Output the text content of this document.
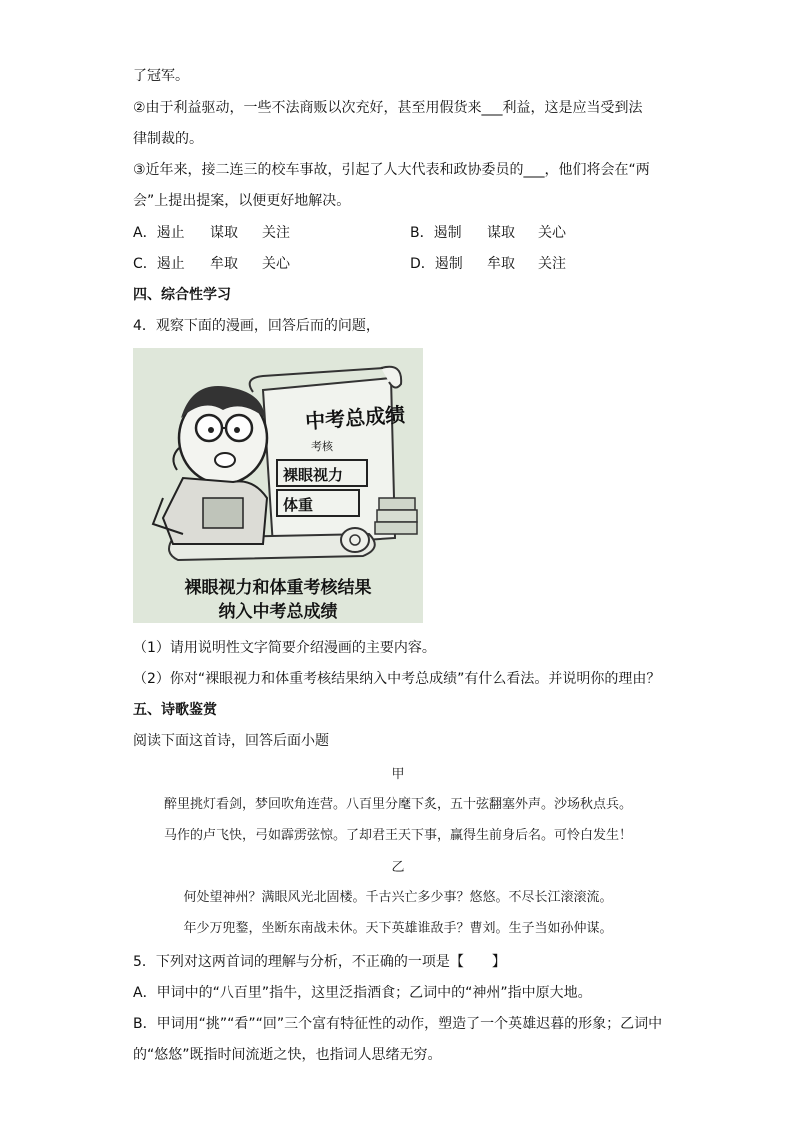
了冠军。
②由于利益驱动，一些不法商贩以次充好，甚至用假货来___利益，这是应当受到法
律制裁的。
③近年来，接二连三的校车事故，引起了人大代表和政协委员的___，他们将会在“两
会”上提出提案，以便更好地解决。
A．遏止 谋取 关注	B．遏制 谋取 关心
C．遏止 牟取 关心	D．遏制 牟取 关注
四、综合性学习
4．观察下面的漫画，回答后而的问题，
中考总成绩
考核
裸眼视力
体重
裸眼视力和体重考核结果
纳入中考总成绩
（1）请用说明性文字简要介绍漫画的主要内容。
（2）你对“裸眼视力和体重考核结果纳入中考总成绩”有什么看法。并说明你的理由？
五、诗歌鉴赏
阅读下面这首诗，回答后面小题
甲
醉里挑灯看剑，梦回吹角连营。八百里分麾下炙，五十弦翻塞外声。沙场秋点兵。
马作的卢飞快，弓如霹雳弦惊。了却君王天下事，赢得生前身后名。可怜白发生！
乙
何处望神州？满眼风光北固楼。千古兴亡多少事？悠悠。不尽长江滚滚流。
年少万兜鍪，坐断东南战未休。天下英雄谁敌手？曹刘。生子当如孙仲谋。
5．下列对这两首词的理解与分析，不正确的一项是【　　】
A．甲词中的“八百里”指牛，这里泛指酒食；乙词中的“神州”指中原大地。
B．甲词用“挑”“看”“回”三个富有特征性的动作，塑造了一个英雄迟暮的形象；乙词中
的“悠悠”既指时间流逝之快，也指词人思绪无穷。
